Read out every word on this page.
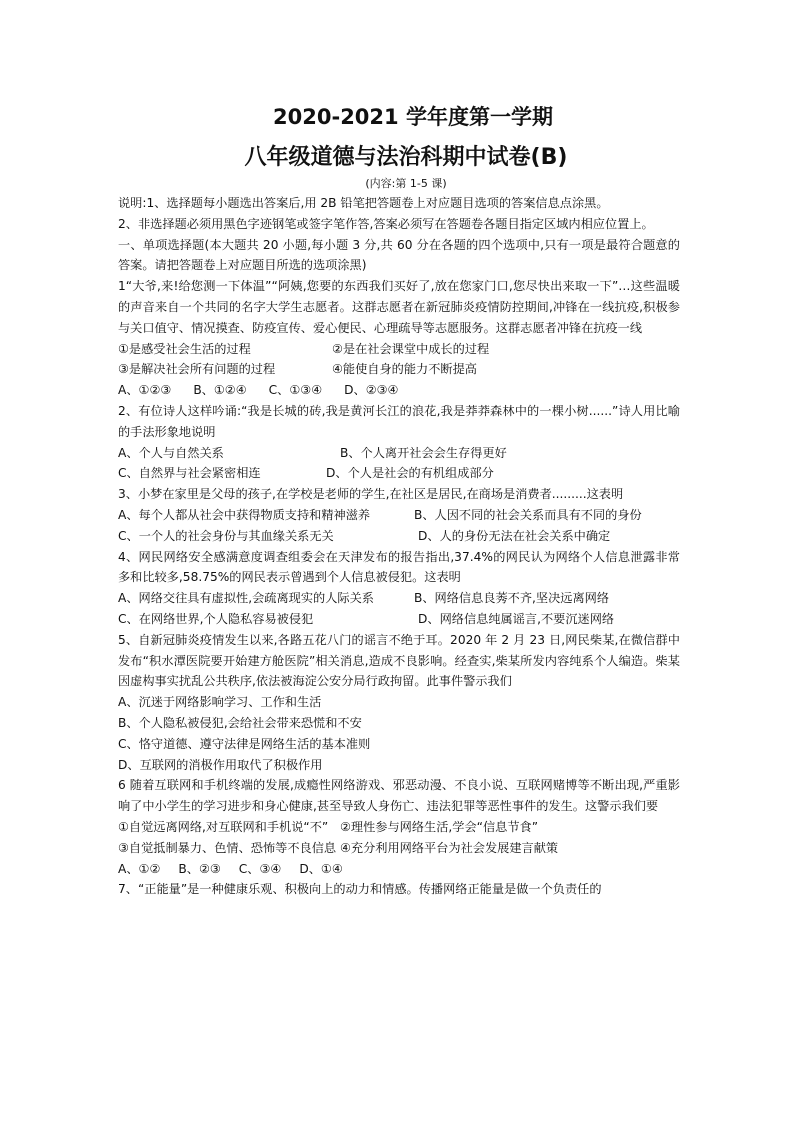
2020-2021 学年度第一学期
八年级道德与法治科期中试卷(B)
(内容:第 1-5 课)

说明:1、选择题每小题选出答案后,用 2B 铅笔把答题卷上对应题目选项的答案信息点涂黑。

2、非选择题必须用黑色字迹钢笔或签字笔作答,答案必须写在答题卷各题目指定区域内相应位置上。

一、单项选择题(本大题共 20 小题,每小题 3 分,共 60 分在各题的四个选项中,只有一项是最符合题意的答案。请把答题卷上对应题目所选的选项涂黑)

1“大爷,来!给您测一下体温”“阿姨,您要的东西我们买好了,放在您家门口,您尽快出来取一下”…这些温暖的声音来自一个共同的名字大学生志愿者。这群志愿者在新冠肺炎疫情防控期间,冲锋在一线抗疫,积极参与关口值守、情况摸查、防疫宣传、爱心便民、心理疏导等志愿服务。这群志愿者冲锋在抗疫一线

①是感受社会生活的过程	②是在社会课堂中成长的过程
③是解决社会所有问题的过程	④能使自身的能力不断提高
A、①②③ B、①②④ C、①③④ D、②③④

2、有位诗人这样吟诵:“我是长城的砖,我是黄河长江的浪花,我是莽莽森林中的一棵小树......”诗人用比喻的手法形象地说明

A、个人与自然关系	B、个人离开社会会生存得更好
C、自然界与社会紧密相连	D、个人是社会的有机组成部分

3、小梦在家里是父母的孩子,在学校是老师的学生,在社区是居民,在商场是消费者.........这表明

A、每个人都从社会中获得物质支持和精神滋养	B、人因不同的社会关系而具有不同的身份
C、一个人的社会身份与其血缘关系无关	D、人的身份无法在社会关系中确定

4、网民网络安全感满意度调查组委会在天津发布的报告指出,37.4%的网民认为网络个人信息泄露非常多和比较多,58.75%的网民表示曾遇到个人信息被侵犯。这表明

A、网络交往具有虚拟性,会疏离现实的人际关系	B、网络信息良莠不齐,坚决远离网络
C、在网络世界,个人隐私容易被侵犯	D、网络信息纯属谣言,不要沉迷网络

5、自新冠肺炎疫情发生以来,各路五花八门的谣言不绝于耳。2020 年 2 月 23 日,网民柴某,在微信群中发布“积水潭医院要开始建方舱医院”相关消息,造成不良影响。经查实,柴某所发内容纯系个人编造。柴某因虚构事实扰乱公共秩序,依法被海淀公安分局行政拘留。此事件警示我们

A、沉迷于网络影响学习、工作和生活

B、个人隐私被侵犯,会给社会带来恐慌和不安

C、恪守道德、遵守法律是网络生活的基本准则

D、互联网的消极作用取代了积极作用

6 随着互联网和手机终端的发展,成瘾性网络游戏、邪恶动漫、不良小说、互联网赌博等不断出现,严重影响了中小学生的学习进步和身心健康,甚至导致人身伤亡、违法犯罪等恶性事件的发生。这警示我们要

①自觉远离网络,对互联网和手机说“不” ②理性参与网络生活,学会“信息节食”
③自觉抵制暴力、色情、恐怖等不良信息 ④充分利用网络平台为社会发展建言献策
A、①② B、②③ C、③④ D、①④

7、“正能量”是一种健康乐观、积极向上的动力和情感。传播网络正能量是做一个负责任的
